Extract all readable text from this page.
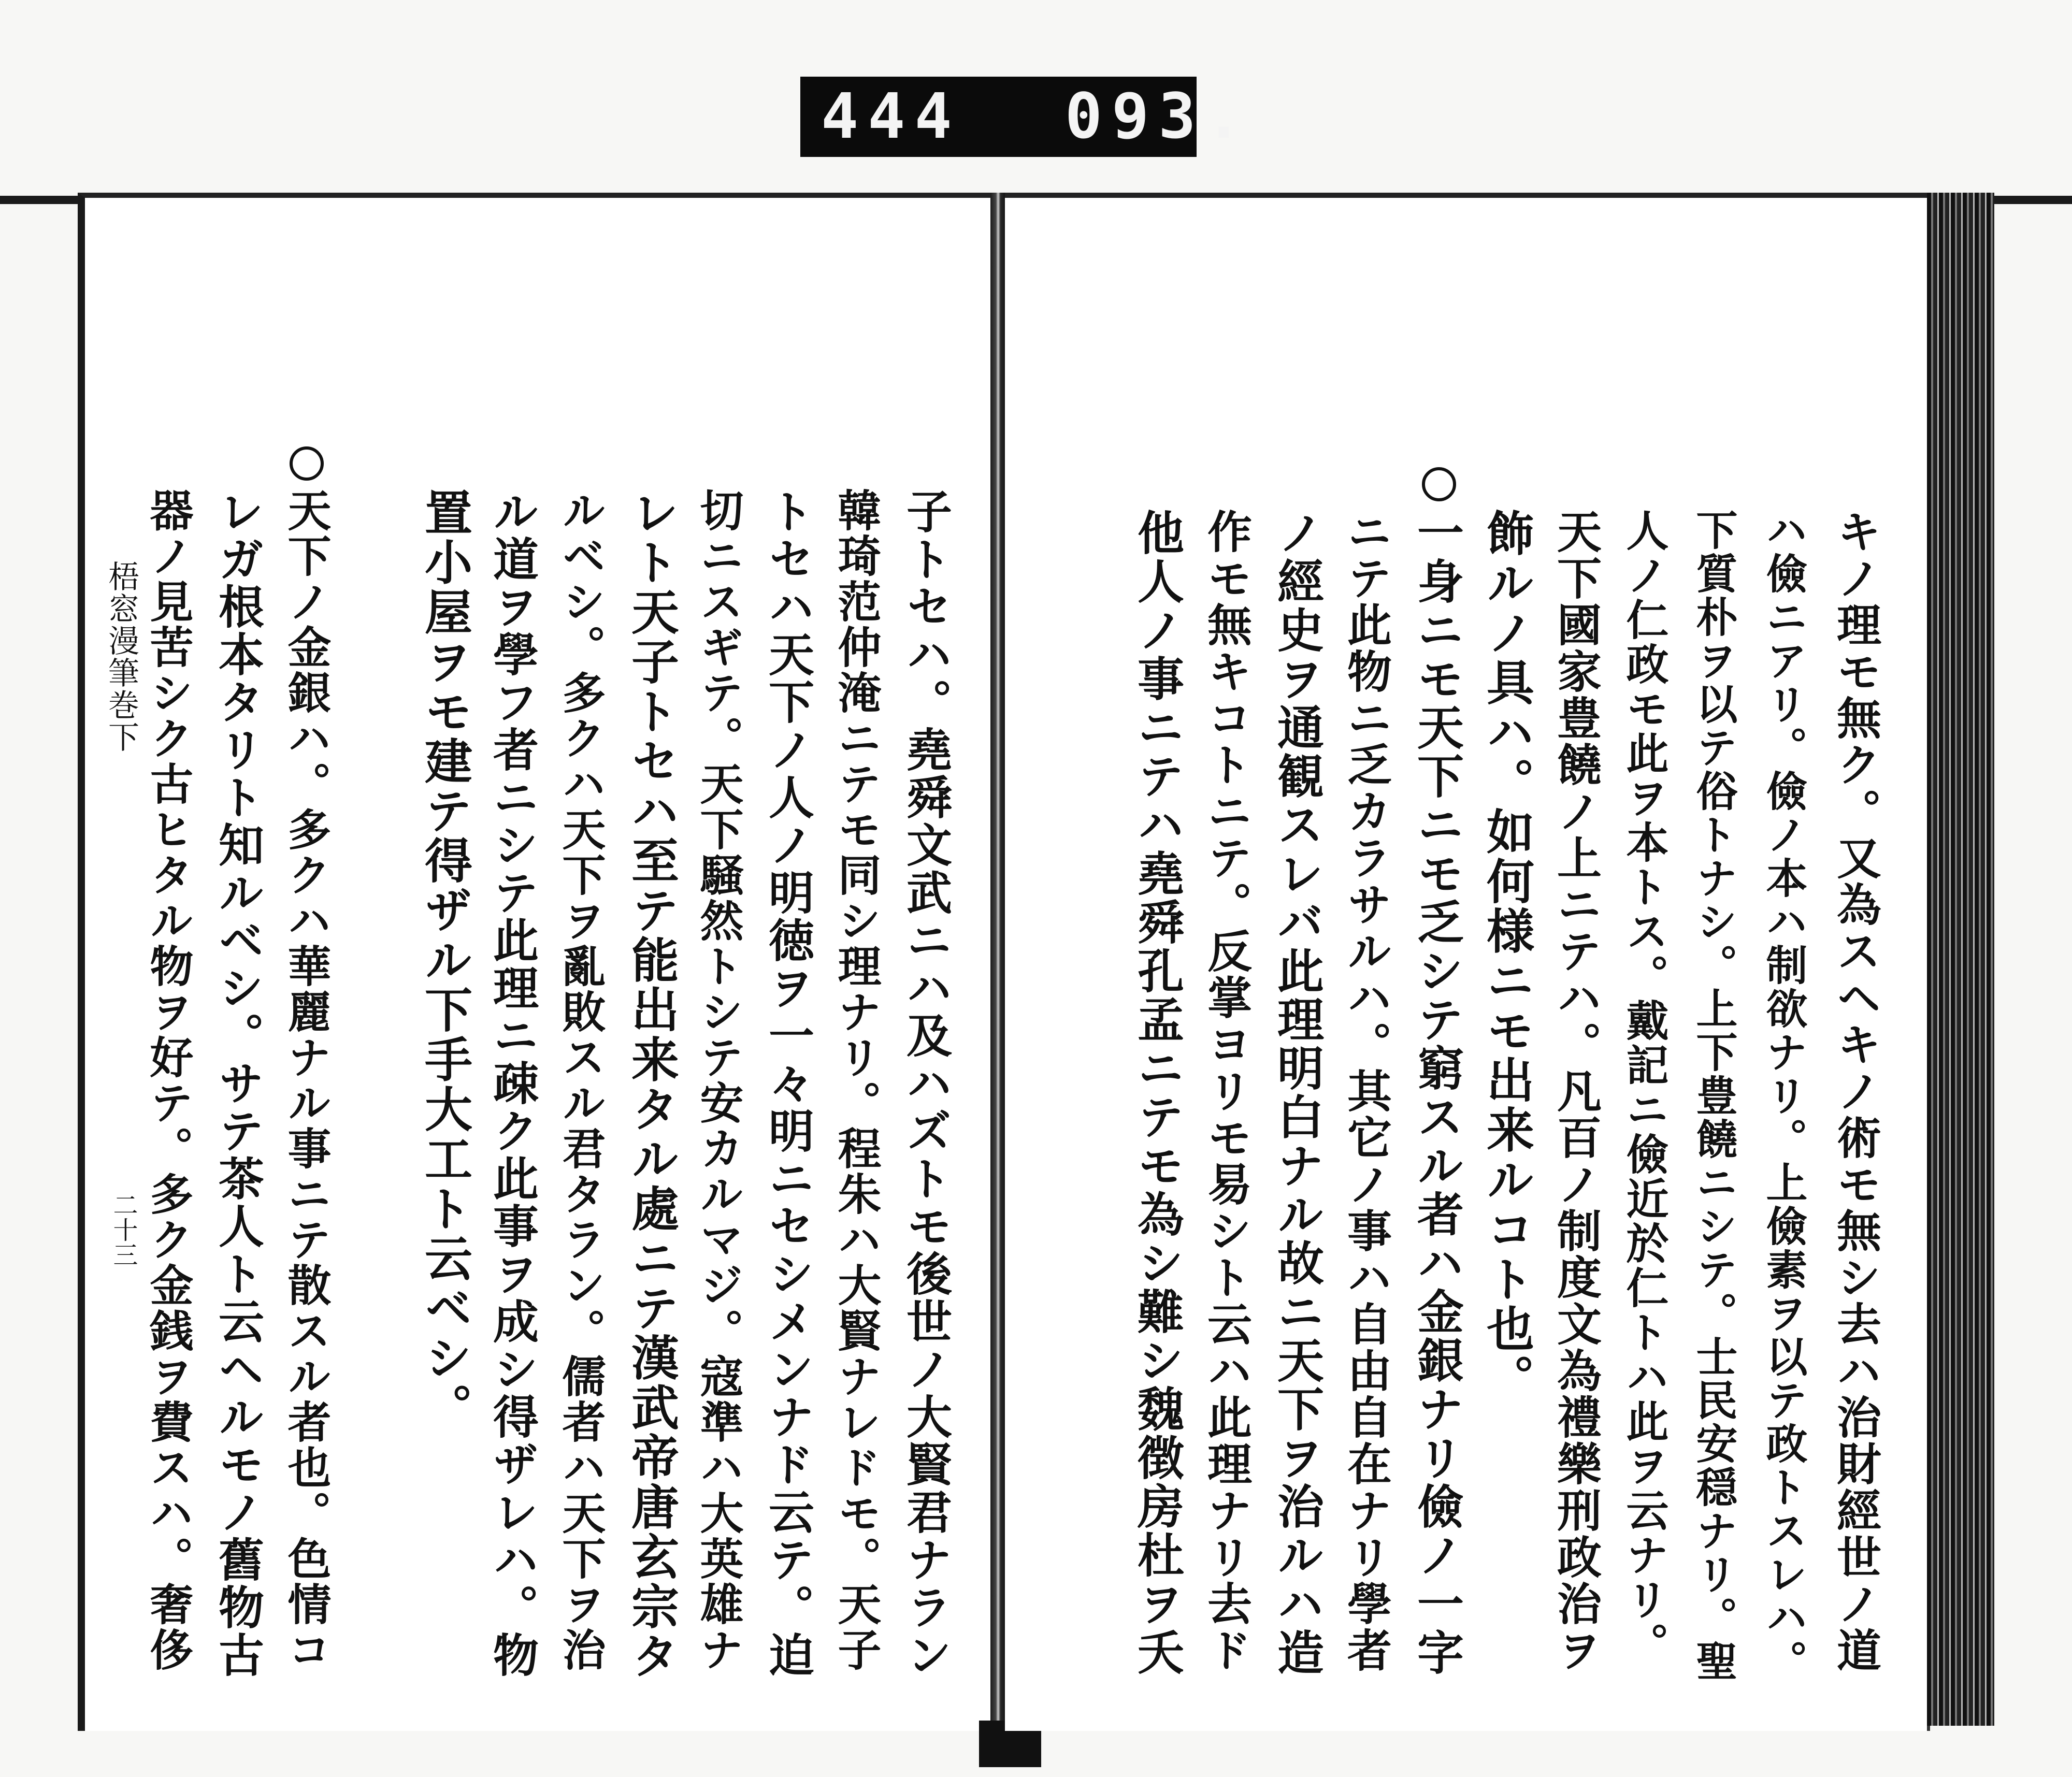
444 093.
梧窓漫筆巻下
二十三	子トセハ。堯舜文武ニハ及ハズトモ後世ノ大賢君ナラン
韓琦范仲淹ニテモ同シ理ナリ。程朱ハ大賢ナレドモ。天子
トセハ天下ノ人ノ明徳ヲ一々明ニセシメンナド云テ。迫
切ニスギテ。天下騒然トシテ安カルマジ。寇準ハ大英雄ナ
レト天子トセハ至テ能出来タル處ニテ漢武帝唐玄宗タ
ルベシ。多クハ天下ヲ亂敗スル君タラン。儒者ハ天下ヲ治
ル道ヲ學フ者ニシテ此理ニ疎ク此事ヲ成シ得ザレハ。物
置小屋ヲモ建テ得ザル下手大工ト云ベシ。
天下ノ金銀ハ。多クハ華麗ナル事ニテ散スル者也。色情コ
レガ根本タリト知ルベシ。サテ茶人ト云ヘルモノ舊物古
器ノ見苦シク古ヒタル物ヲ好テ。多ク金銭ヲ費スハ。奢侈	キノ理モ無ク。又為スヘキノ術モ無シ去ハ治財經世ノ道
ハ儉ニアリ。儉ノ本ハ制欲ナリ。上儉素ヲ以テ政トスレハ。
下質朴ヲ以テ俗トナシ。上下豊饒ニシテ。士民安穏ナリ。聖
人ノ仁政モ此ヲ本トス。戴記ニ儉近於仁トハ此ヲ云ナリ。
天下國家豊饒ノ上ニテハ。凡百ノ制度文為禮樂刑政治ヲ
飾ルノ具ハ。如何様ニモ出来ルコト也。
一身ニモ天下ニモ乏シテ窮スル者ハ金銀ナリ儉ノ一字
ニテ此物ニ乏カラサルハ。其它ノ事ハ自由自在ナリ學者
ノ經史ヲ通観スレバ此理明白ナル故ニ天下ヲ治ルハ造
作モ無キコトニテ。反掌ヨリモ易シト云ハ此理ナリ去ド
他人ノ事ニテハ堯舜孔孟ニテモ為シ難シ魏徴房杜ヲ夭
